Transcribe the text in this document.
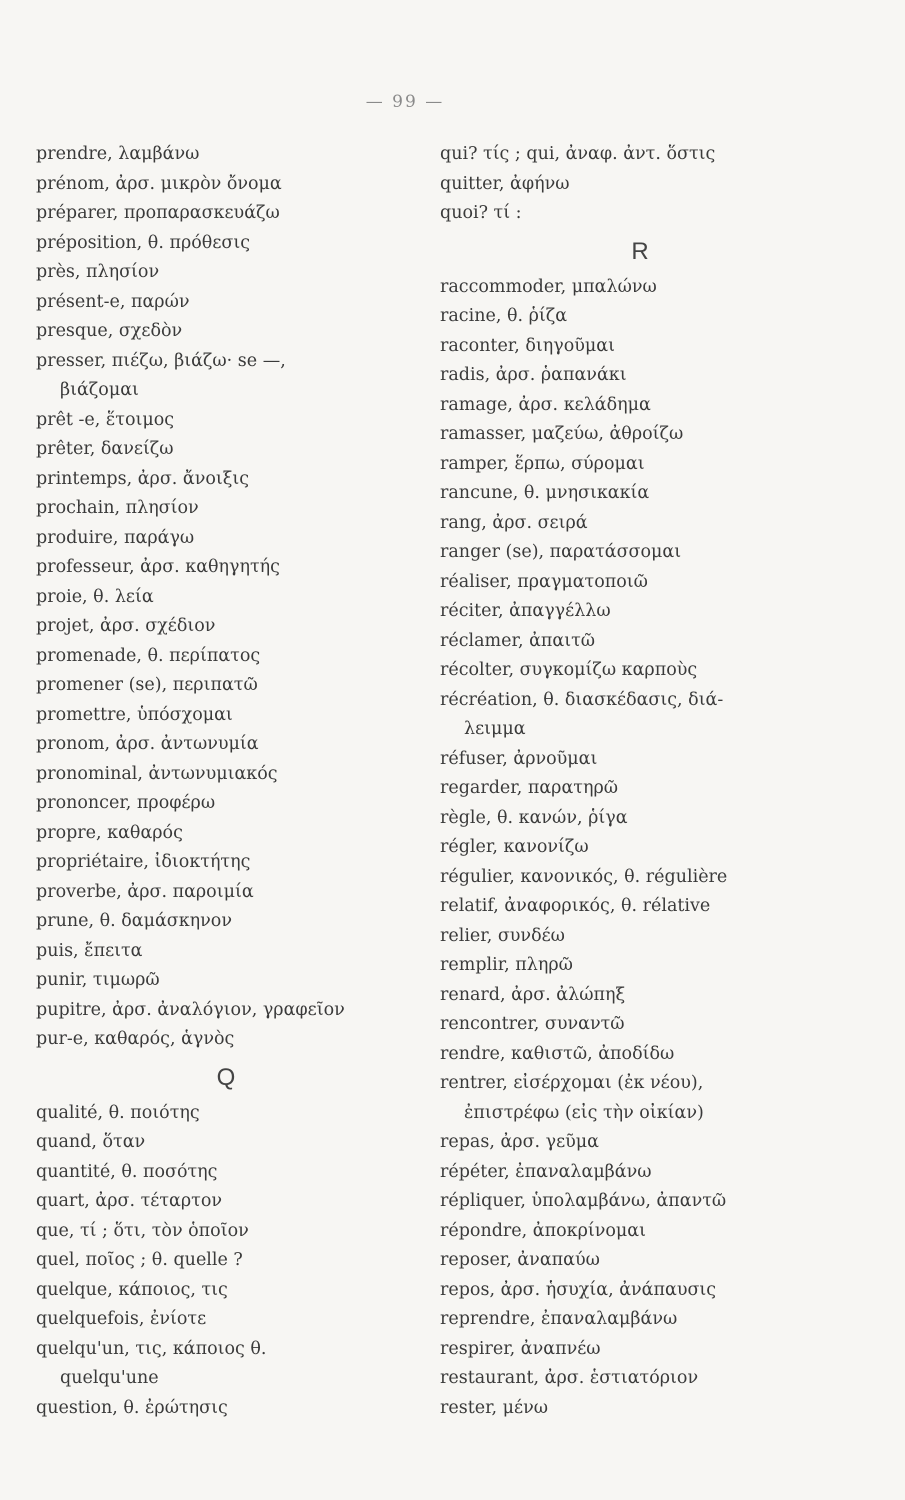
— 99 —
prendre, λαμβάνω
prénom, ἀρσ. μικρὸν ὄνομα
préparer, προπαρασκευάζω
préposition, θ. πρόθεσις
près, πλησίον
présent-e, παρών
presque, σχεδὸν
presser, πιέζω, βιάζω· se —,
βιάζομαι
prêt -e, ἕτοιμος
prêter, δανείζω
printemps, ἀρσ. ἄνοιξις
prochain, πλησίον
produire, παράγω
professeur, ἀρσ. καθηγητής
proie, θ. λεία
projet, ἀρσ. σχέδιον
promenade, θ. περίπατος
promener (se), περιπατῶ
promettre, ὑπόσχομαι
pronom, ἀρσ. ἀντωνυμία
pronominal, ἀντωνυμιακός
prononcer, προφέρω
propre, καθαρός
propriétaire, ἰδιοκτήτης
proverbe, ἀρσ. παροιμία
prune, θ. δαμάσκηνον
puis, ἔπειτα
punir, τιμωρῶ
pupitre, ἀρσ. ἀναλόγιον, γραφεῖον
pur-e, καθαρός, ἁγνὸς
Q
qualité, θ. ποιότης
quand, ὅταν
quantité, θ. ποσότης
quart, ἀρσ. τέταρτον
que, τί ; ὅτι, τὸν ὁποῖον
quel, ποῖος ; θ. quelle ?
quelque, κάποιος, τις
quelquefois, ἐνίοτε
quelqu'un, τις, κάποιος θ.
quelqu'une
question, θ. ἐρώτησις
qui? τίς ; qui, ἀναφ. ἀντ. ὅστις
quitter, ἀφήνω
quoi? τί :
R
raccommoder, μπαλώνω
racine, θ. ῥίζα
raconter, διηγοῦμαι
radis, ἀρσ. ῥαπανάκι
ramage, ἀρσ. κελάδημα
ramasser, μαζεύω, ἀθροίζω
ramper, ἕρπω, σύρομαι
rancune, θ. μνησικακία
rang, ἀρσ. σειρά
ranger (se), παρατάσσομαι
réaliser, πραγματοποιῶ
réciter, ἀπαγγέλλω
réclamer, ἀπαιτῶ
récolter, συγκομίζω καρποὺς
récréation, θ. διασκέδασις, διά-
λειμμα
réfuser, ἀρνοῦμαι
regarder, παρατηρῶ
règle, θ. κανών, ῥίγα
régler, κανονίζω
régulier, κανονικός, θ. régulière
relatif, ἀναφορικός, θ. rélative
relier, συνδέω
remplir, πληρῶ
renard, ἀρσ. ἀλώπηξ
rencontrer, συναντῶ
rendre, καθιστῶ, ἀποδίδω
rentrer, εἰσέρχομαι (ἐκ νέου),
ἐπιστρέφω (εἰς τὴν οἰκίαν)
repas, ἀρσ. γεῦμα
répéter, ἐπαναλαμβάνω
répliquer, ὑπολαμβάνω, ἀπαντῶ
répondre, ἀποκρίνομαι
reposer, ἀναπαύω
repos, ἀρσ. ἡσυχία, ἀνάπαυσις
reprendre, ἐπαναλαμβάνω
respirer, ἀναπνέω
restaurant, ἀρσ. ἑστιατόριον
rester, μένω
